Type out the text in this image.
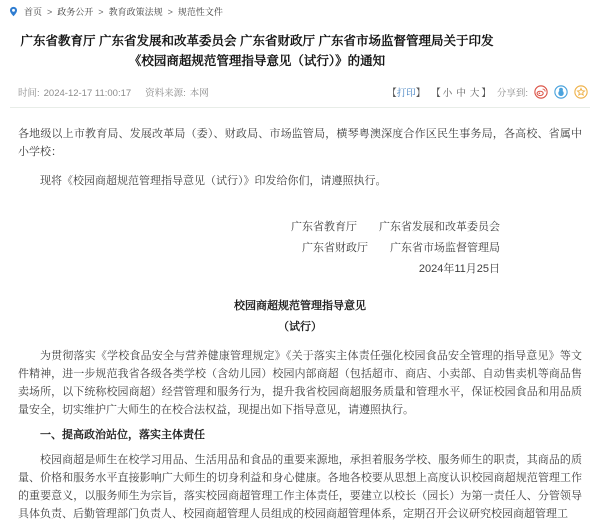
首页 > 政务公开 > 教育政策法规 > 规范性文件
广东省教育厅 广东省发展和改革委员会 广东省财政厅 广东省市场监督管理局关于印发
《校园商超规范管理指导意见（试行）》的通知
时间: 2024-12-17 11:00:17 资料来源: 本网	【打印】 【 小 中 大 】 分享到:

各地级以上市教育局、发展改革局（委）、财政局、市场监管局，横琴粤澳深度合作区民生事务局，各高校、省属中小学校：

现将《校园商超规范管理指导意见（试行）》印发给你们，请遵照执行。

广东省教育厅　　广东省发展和改革委员会
广东省财政厅　　广东省市场监督管理局
2024年11月25日
校园商超规范管理指导意见
（试行）

为贯彻落实《学校食品安全与营养健康管理规定》《关于落实主体责任强化校园食品安全管理的指导意见》等文件精神，进一步规范我省各级各类学校（含幼儿园）校园内部商超（包括超市、商店、小卖部、自动售卖机等商品售卖场所，以下统称校园商超）经营管理和服务行为，提升我省校园商超服务质量和管理水平，保证校园食品和用品质量安全，切实维护广大师生的在校合法权益，现提出如下指导意见，请遵照执行。

一、提高政治站位，落实主体责任

校园商超是师生在校学习用品、生活用品和食品的重要来源地，承担着服务学校、服务师生的职责，其商品的质量、价格和服务水平直接影响广大师生的切身利益和身心健康。各地各校要从思想上高度认识校园商超规范管理工作的重要意义，以服务师生为宗旨，落实校园商超管理工作主体责任，要建立以校长（园长）为第一责任人、分管领导具体负责、后勤管理部门负责人、校园商超管理人员组成的校园商超管理体系，定期召开会议研究校园商超管理工
